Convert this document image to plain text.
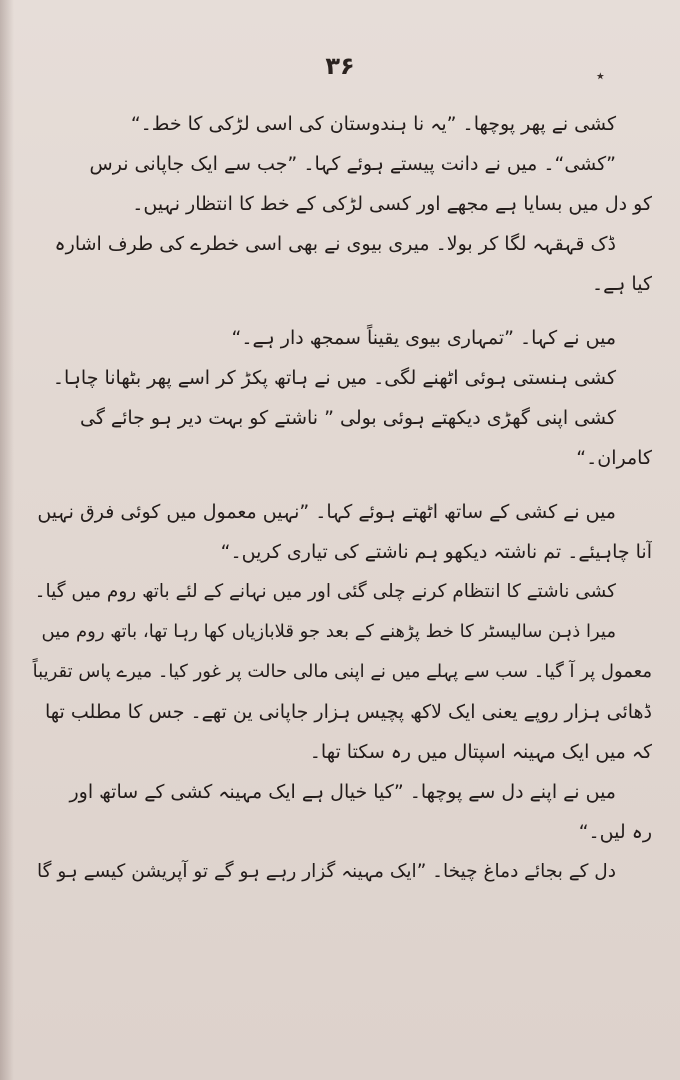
۳۶	٭
کشی نے پھر پوچھا۔ ”یہ نا ہندوستان کی اسی لڑکی کا خط۔“
”کشی“۔ میں نے دانت پیستے ہوئے کہا۔ ”جب سے ایک جاپانی نرس
کو دل میں بسایا ہے مجھے اور کسی لڑکی کے خط کا انتظار نہیں۔
ڈک قہقہہ لگا کر بولا۔ میری بیوی نے بھی اسی خطرے کی طرف اشارہ
کیا ہے۔
میں نے کہا۔ ”تمہاری بیوی یقیناً سمجھ دار ہے۔“
کشی ہنستی ہوئی اٹھنے لگی۔ میں نے ہاتھ پکڑ کر اسے پھر بٹھانا چاہا۔
کشی اپنی گھڑی دیکھتے ہوئی بولی ” ناشتے کو بہت دیر ہو جائے گی
کامران۔“
میں نے کشی کے ساتھ اٹھتے ہوئے کہا۔ ”نہیں معمول میں کوئی فرق نہیں
آنا چاہیئے۔ تم ناشتہ دیکھو ہم ناشتے کی تیاری کریں۔“
کشی ناشتے کا انتظام کرنے چلی گئی اور میں نہانے کے لئے باتھ روم میں گیا۔
میرا ذہن سالیسٹر کا خط پڑھنے کے بعد جو قلابازیاں کھا رہا تھا، باتھ روم میں
معمول پر آ گیا۔ سب سے پہلے میں نے اپنی مالی حالت پر غور کیا۔ میرے پاس تقریباً
ڈھائی ہزار روپے یعنی ایک لاکھ پچیس ہزار جاپانی ین تھے۔ جس کا مطلب تھا
کہ میں ایک مہینہ اسپتال میں رہ سکتا تھا۔
میں نے اپنے دل سے پوچھا۔ ”کیا خیال ہے ایک مہینہ کشی کے ساتھ اور
رہ لیں۔“
دل کے بجائے دماغ چیخا۔ ”ایک مہینہ گزار رہے ہو گے تو آپریشن کیسے ہو گا
